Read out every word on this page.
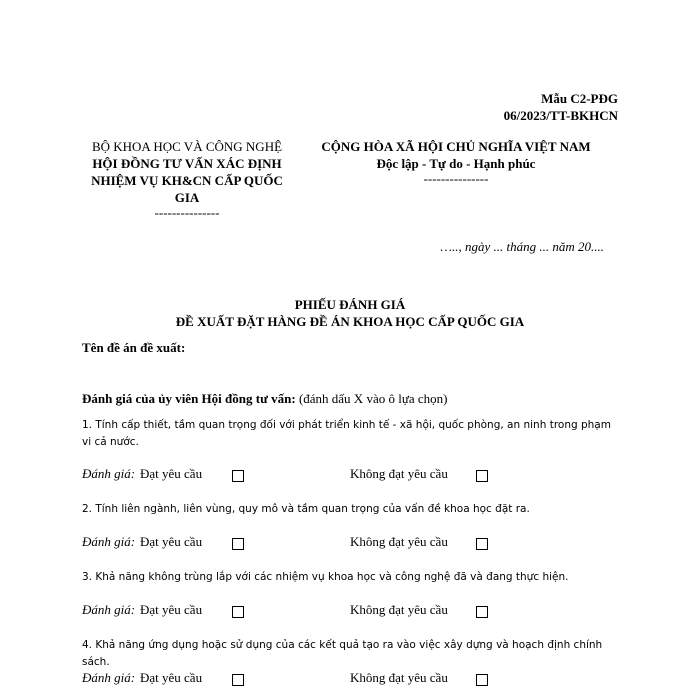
Mẫu C2-PĐG
06/2023/TT-BKHCN
BỘ KHOA HỌC VÀ CÔNG NGHỆ
HỘI ĐỒNG TƯ VẤN XÁC ĐỊNH NHIỆM VỤ KH&CN CẤP QUỐC GIA
---------------
CỘNG HÒA XÃ HỘI CHỦ NGHĨA VIỆT NAM
Độc lập - Tự do - Hạnh phúc
---------------
….., ngày ... tháng ... năm 20....
PHIẾU ĐÁNH GIÁ
ĐỀ XUẤT ĐẶT HÀNG ĐỀ ÁN KHOA HỌC CẤP QUỐC GIA
Tên đề án đề xuất:
Đánh giá của ủy viên Hội đồng tư vấn: (đánh dấu X vào ô lựa chọn)
1. Tính cấp thiết, tầm quan trọng đối với phát triển kinh tế - xã hội, quốc phòng, an ninh trong phạm vi cả nước.
Đánh giá: Đạt yêu cầu	Không đạt yêu cầu
2. Tính liên ngành, liên vùng, quy mô và tầm quan trọng của vấn đề khoa học đặt ra.
Đánh giá: Đạt yêu cầu	Không đạt yêu cầu
3. Khả năng không trùng lắp với các nhiệm vụ khoa học và công nghệ đã và đang thực hiện.
Đánh giá: Đạt yêu cầu	Không đạt yêu cầu
4. Khả năng ứng dụng hoặc sử dụng của các kết quả tạo ra vào việc xây dựng và hoạch định chính sách.
Đánh giá: Đạt yêu cầu	Không đạt yêu cầu
